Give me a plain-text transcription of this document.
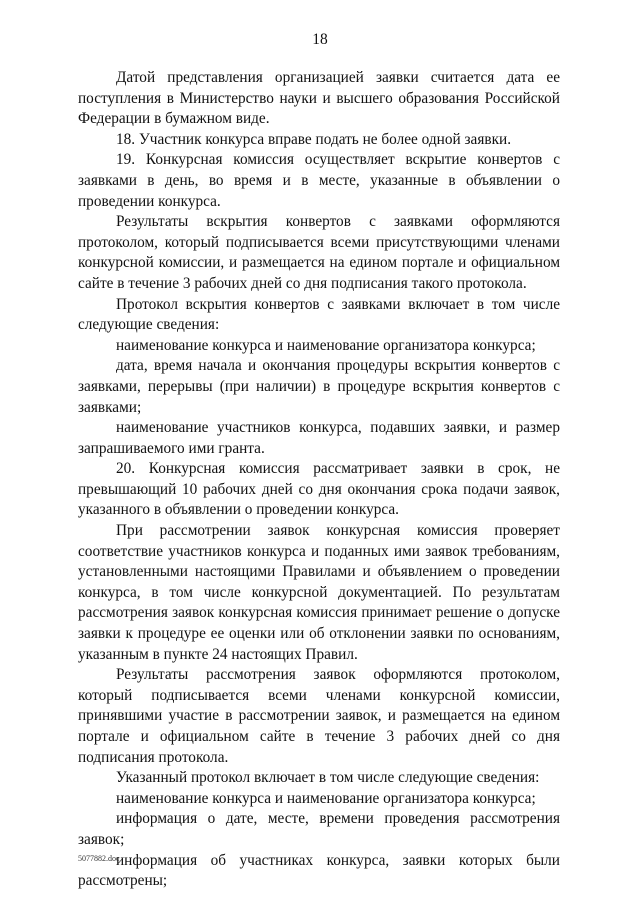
18

Датой представления организацией заявки считается дата ее поступления в Министерство науки и высшего образования Российской Федерации в бумажном виде.

18. Участник конкурса вправе подать не более одной заявки.

19. Конкурсная комиссия осуществляет вскрытие конвертов с заявками в день, во время и в месте, указанные в объявлении о проведении конкурса.

Результаты вскрытия конвертов с заявками оформляются протоколом, который подписывается всеми присутствующими членами конкурсной комиссии, и размещается на едином портале и официальном сайте в течение 3 рабочих дней со дня подписания такого протокола.

Протокол вскрытия конвертов с заявками включает в том числе следующие сведения:

наименование конкурса и наименование организатора конкурса;

дата, время начала и окончания процедуры вскрытия конвертов с заявками, перерывы (при наличии) в процедуре вскрытия конвертов с заявками;

наименование участников конкурса, подавших заявки, и размер запрашиваемого ими гранта.

20. Конкурсная комиссия рассматривает заявки в срок, не превышающий 10 рабочих дней со дня окончания срока подачи заявок, указанного в объявлении о проведении конкурса.

При рассмотрении заявок конкурсная комиссия проверяет соответствие участников конкурса и поданных ими заявок требованиям, установленными настоящими Правилами и объявлением о проведении конкурса, в том числе конкурсной документацией. По результатам рассмотрения заявок конкурсная комиссия принимает решение о допуске заявки к процедуре ее оценки или об отклонении заявки по основаниям, указанным в пункте 24 настоящих Правил.

Результаты рассмотрения заявок оформляются протоколом, который подписывается всеми членами конкурсной комиссии, принявшими участие в рассмотрении заявок, и размещается на едином портале и официальном сайте в течение 3 рабочих дней со дня подписания протокола.

Указанный протокол включает в том числе следующие сведения:

наименование конкурса и наименование организатора конкурса;

информация о дате, месте, времени проведения рассмотрения заявок;

информация об участниках конкурса, заявки которых были рассмотрены;

5077882.doc
